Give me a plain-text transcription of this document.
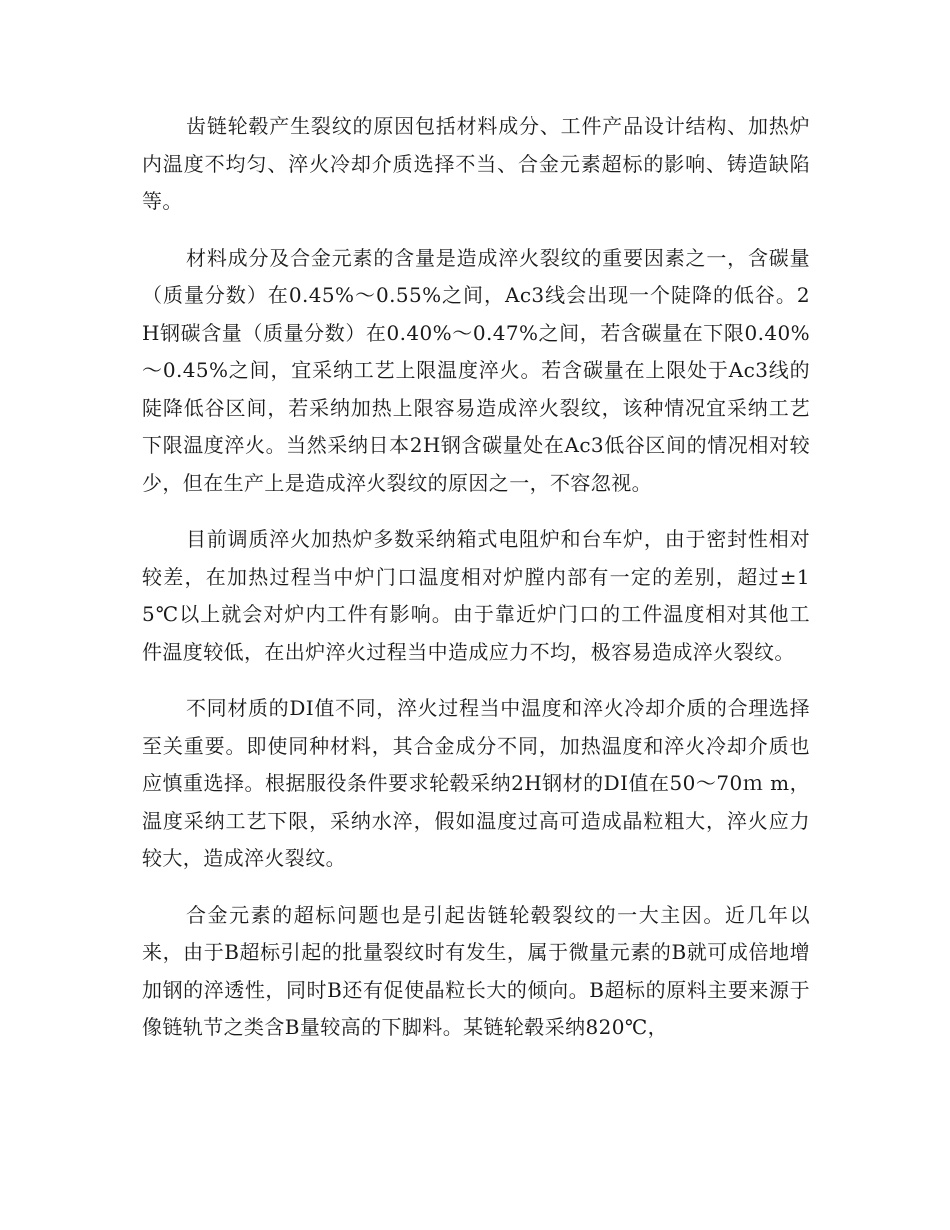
齿链轮毂产生裂纹的原因包括材料成分、工件产品设计结构、加热炉内温度不均匀、淬火冷却介质选择不当、合金元素超标的影响、铸造缺陷等。

材料成分及合金元素的含量是造成淬火裂纹的重要因素之一，含碳量（质量分数）在0.45%～0.55%之间，Ac3线会出现一个陡降的低谷。2H钢碳含量（质量分数）在0.40%～0.47%之间，若含碳量在下限0.40%～0.45%之间，宜采纳工艺上限温度淬火。若含碳量在上限处于Ac3线的陡降低谷区间，若采纳加热上限容易造成淬火裂纹，该种情况宜采纳工艺下限温度淬火。当然采纳日本2H钢含碳量处在Ac3低谷区间的情况相对较少，但在生产上是造成淬火裂纹的原因之一，不容忽视。

目前调质淬火加热炉多数采纳箱式电阻炉和台车炉，由于密封性相对较差，在加热过程当中炉门口温度相对炉膛内部有一定的差别，超过±15℃以上就会对炉内工件有影响。由于靠近炉门口的工件温度相对其他工件温度较低，在出炉淬火过程当中造成应力不均，极容易造成淬火裂纹。

不同材质的DI值不同，淬火过程当中温度和淬火冷却介质的合理选择至关重要。即使同种材料，其合金成分不同，加热温度和淬火冷却介质也应慎重选择。根据服役条件要求轮毂采纳2H钢材的DI值在50～70ｍ m，温度采纳工艺下限，采纳水淬，假如温度过高可造成晶粒粗大，淬火应力较大，造成淬火裂纹。

合金元素的超标问题也是引起齿链轮毂裂纹的一大主因。近几年以来，由于B超标引起的批量裂纹时有发生，属于微量元素的B就可成倍地增加钢的淬透性，同时B还有促使晶粒长大的倾向。B超标的原料主要来源于像链轨节之类含B量较高的下脚料。某链轮毂采纳820℃，
